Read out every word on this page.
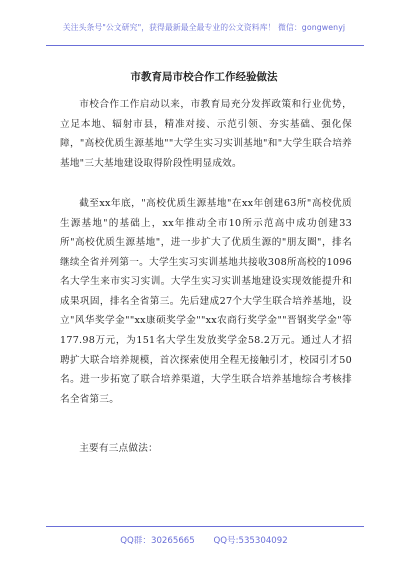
关注头条号"公文研究"，获得最新最全最专业的公文资料库！ 微信：gongwenyj
市教育局市校合作工作经验做法

市校合作工作启动以来，市教育局充分发挥政策和行业优势，立足本地、辐射市县，精准对接、示范引领、夯实基础、强化保障，"高校优质生源基地""大学生实习实训基地"和"大学生联合培养基地"三大基地建设取得阶段性明显成效。

截至xx年底，"高校优质生源基地"在xx年创建63所"高校优质生源基地"的基础上，xx年推动全市10所示范高中成功创建33所"高校优质生源基地"，进一步扩大了优质生源的"朋友圈"，排名继续全省并列第一。大学生实习实训基地共接收308所高校的1096名大学生来市实习实训。大学生实习实训基地建设实现效能提升和成果巩固，排名全省第三。先后建成27个大学生联合培养基地，设立"风华奖学金""xx康硕奖学金""xx农商行奖学金""晋钢奖学金"等177.98万元，为151名大学生发放奖学金58.2万元。通过人才招聘扩大联合培养规模，首次探索使用全程无接触引才，校园引才50名。进一步拓宽了联合培养渠道，大学生联合培养基地综合考核排名全省第三。

主要有三点做法：

QQ群：30265665 QQ号:535304092
